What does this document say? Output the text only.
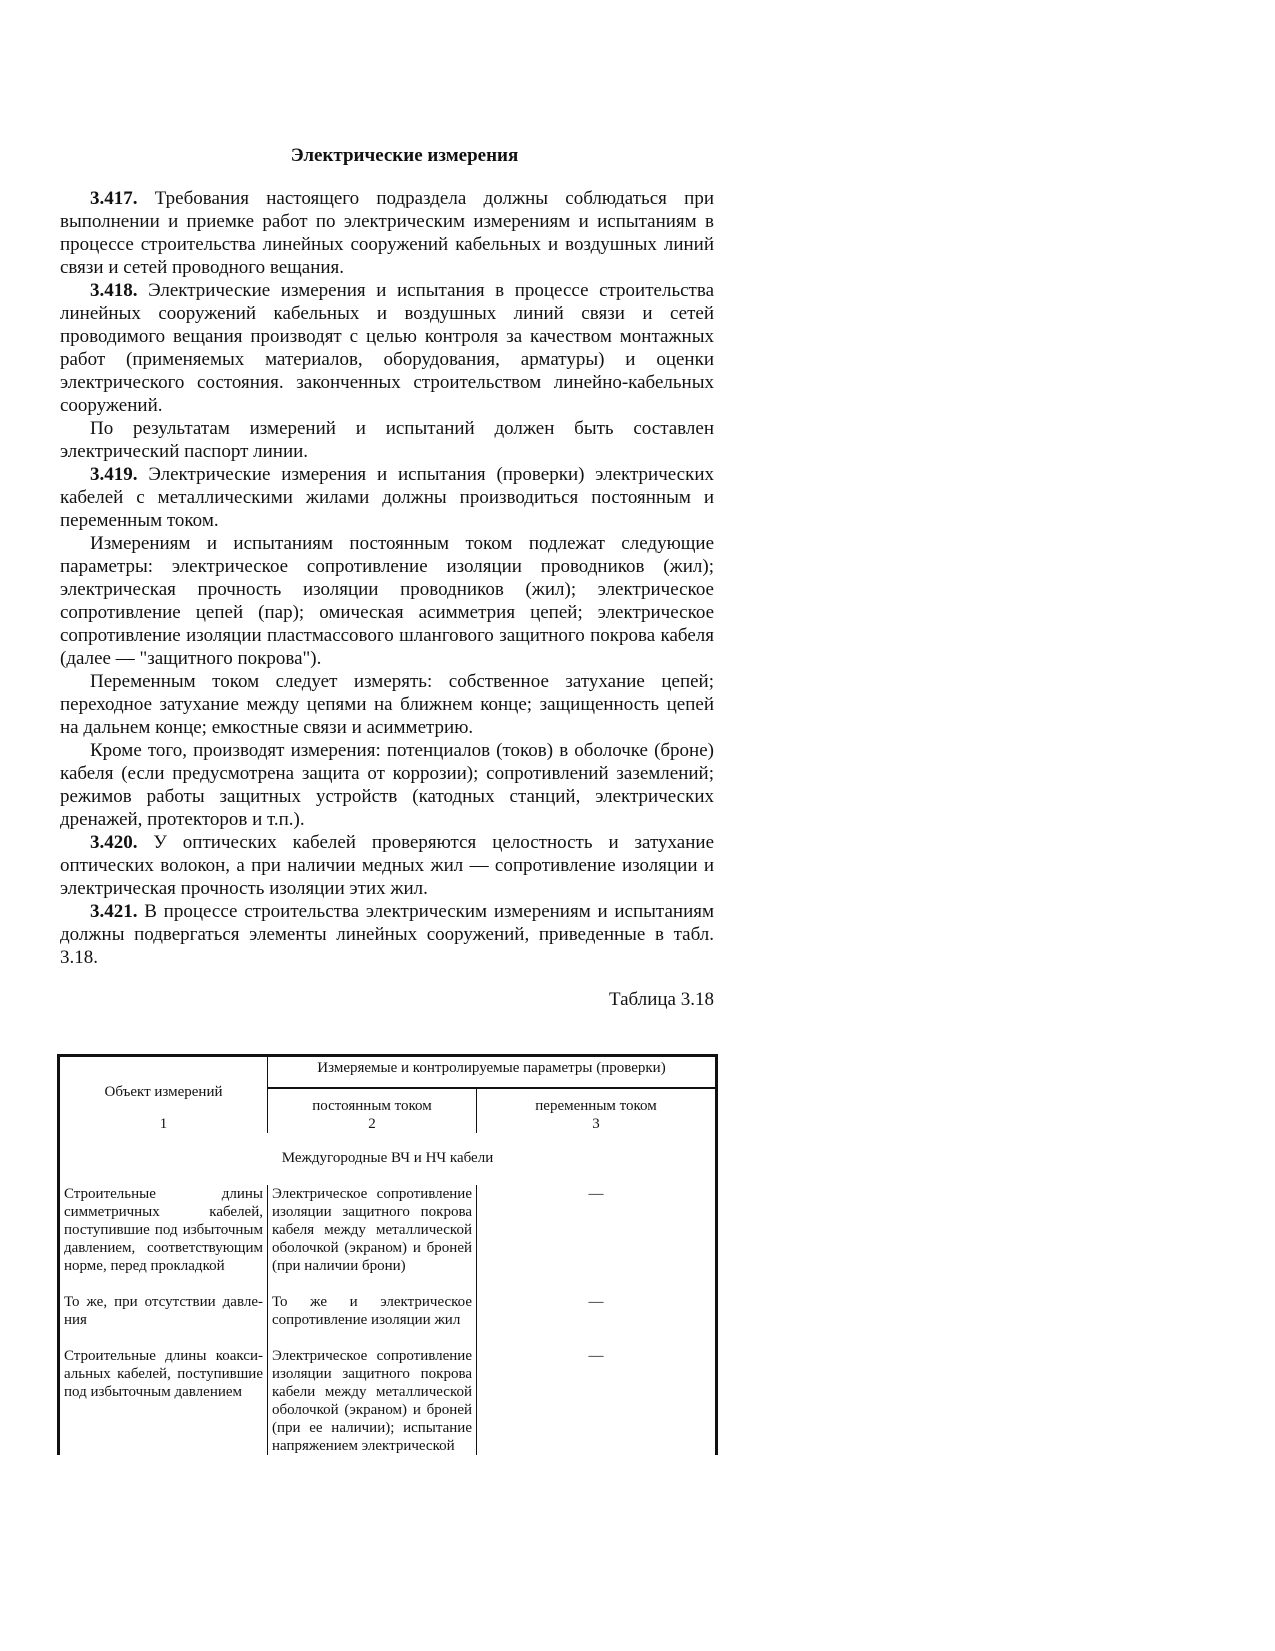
Электрические измерения

3.417. Требования настоящего подраздела должны соблюдаться при выполнении и приемке работ по электрическим измерениям и испытаниям в процессе строительства линейных сооружений кабельных и воздушных линий связи и сетей проводного вещания.

3.418. Электрические измерения и испытания в процессе строительства линейных сооружений кабельных и воздушных линий связи и сетей проводимого вещания производят с целью контроля за качеством монтажных работ (применяемых материалов, оборудования, арматуры) и оценки электрического состояния. законченных строительством линейно-кабельных сооружений.

По результатам измерений и испытаний должен быть составлен электрический паспорт линии.

3.419. Электрические измерения и испытания (проверки) электрических кабелей с металлическими жилами должны производиться постоянным и переменным током.

Измерениям и испытаниям постоянным током подлежат следующие параметры: электрическое сопротивление изоляции проводников (жил); электрическая прочность изоляции проводников (жил); электрическое сопротивление цепей (пар); омическая асимметрия цепей; электрическое сопротивление изоляции пластмассового шлангового защитного покрова кабеля (далее — "защитного покрова").

Переменным током следует измерять: собственное затухание цепей; переходное затухание между цепями на ближнем конце; защищенность цепей на дальнем конце; емкостные связи и асимметрию.

Кроме того, производят измерения: потенциалов (токов) в оболочке (броне) кабеля (если предусмотрена защита от коррозии); сопротивлений заземлений; режимов работы защитных устройств (катодных станций, электрических дренажей, протекторов и т.п.).

3.420. У оптических кабелей проверяются целостность и затухание оптических волокон, а при наличии медных жил — сопротивление изоляции и электрическая прочность изоляции этих жил.

3.421. В процессе строительства электрическим измерениям и испытаниям должны подвергаться элементы линейных сооружений, приведенные в табл. 3.18.

Таблица 3.18
Объект измерений	Измеряемые и контролируемые параметры (проверки)	
	постоянным током	переменным током
1	2	3
Междугородные ВЧ и НЧ кабели		
Строительные длины симметричных кабелей, поступившие под избыточным давлением, соответствующим норме, перед прокладкой	Электрическое сопротивление изоляции защитного покрова кабеля между металлической оболочкой (экраном) и броней (при наличии брони)	—

То же, при отсутствии давления	То же и электрическое сопротивление изоляции жил	—

Строительные длины коаксиальных кабелей, поступившие под избыточным давлением	Электрическое сопротивление изоляции защитного покрова кабели между металлической оболочкой (экраном) и броней (при ее наличии); испытание напряжением электрической	—
